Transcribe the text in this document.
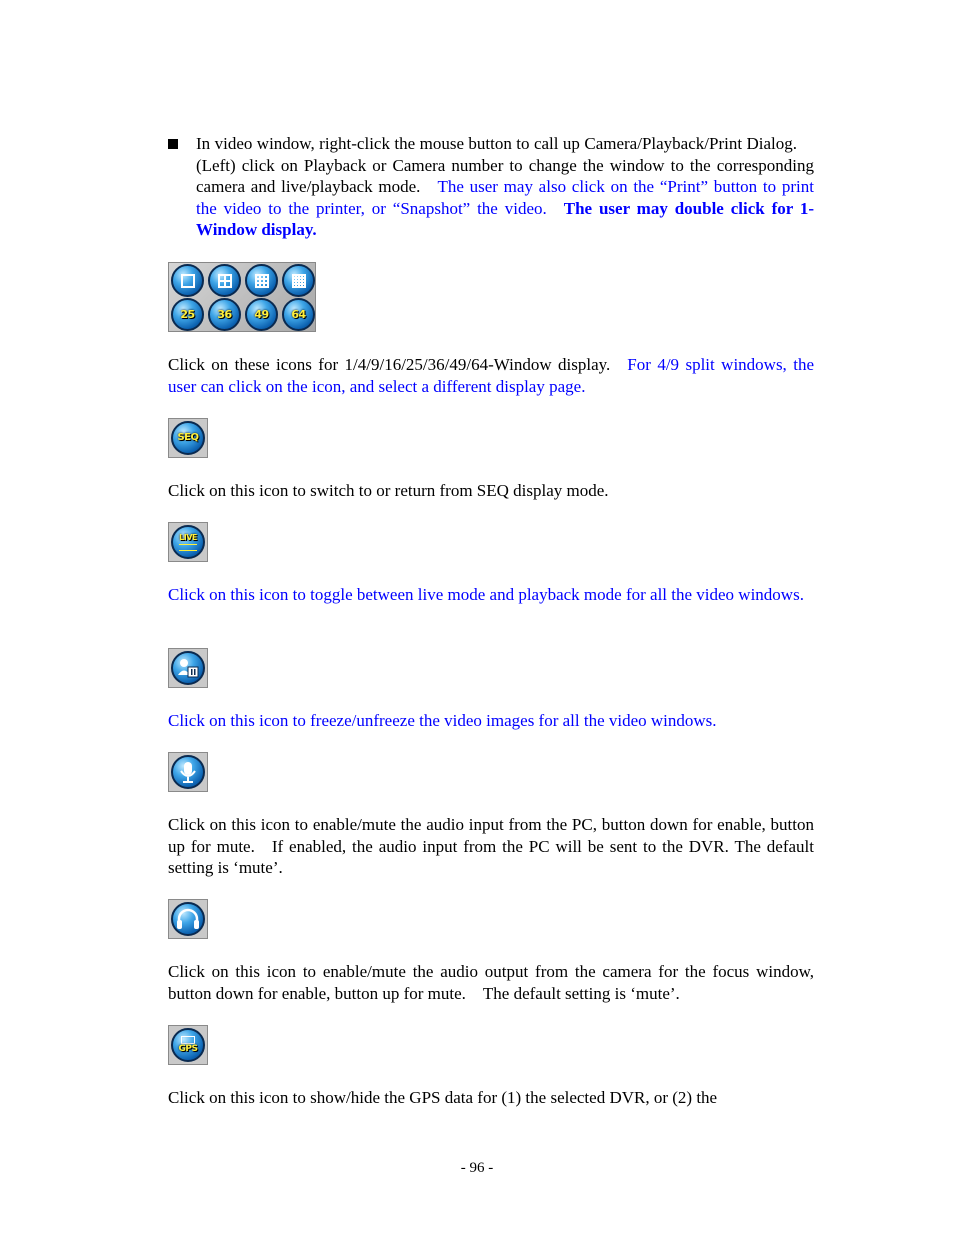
In video window, right-click the mouse button to call up Camera/Playback/Print Dialog. (Left) click on Playback or Camera number to change the window to the corresponding camera and live/playback mode. The user may also click on the “Print” button to print the video to the printer, or “Snapshot” the video. The user may double click for 1-Window display.

25	36	49	64

Click on these icons for 1/4/9/16/25/36/49/64-Window display. For 4/9 split windows, the user can click on the icon, and select a different display page.

SEQ

Click on this icon to switch to or return from SEQ display mode.

LIVE

Click on this icon to toggle between live mode and playback mode for all the video windows.

Click on this icon to freeze/unfreeze the video images for all the video windows.

Click on this icon to enable/mute the audio input from the PC, button down for enable, button up for mute. If enabled, the audio input from the PC will be sent to the DVR. The default setting is ‘mute’.

Click on this icon to enable/mute the audio output from the camera for the focus window, button down for enable, button up for mute. The default setting is ‘mute’.

GPS

Click on this icon to show/hide the GPS data for (1) the selected DVR, or (2) the

- 96 -
